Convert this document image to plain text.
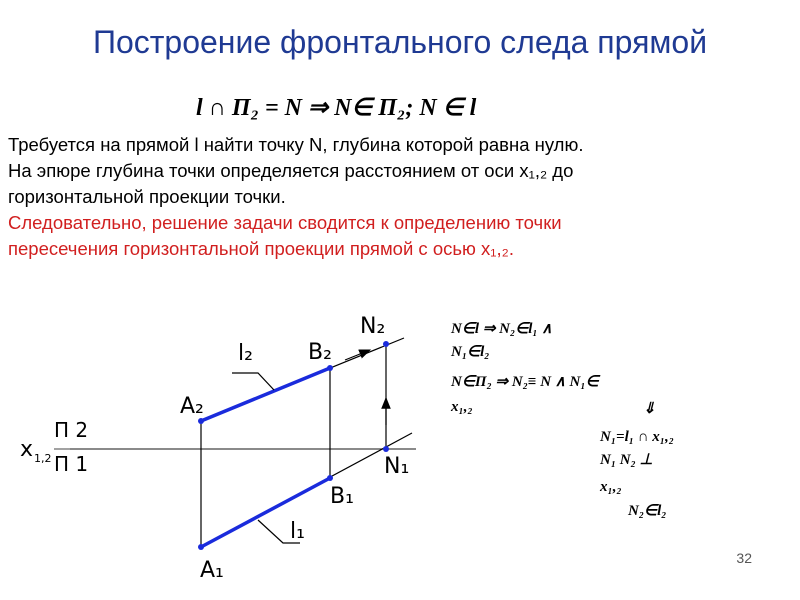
Построение фронтального следа прямой
l ∩ Π₂ = N ⇒ N∈ Π₂; N ∈ l

Требуется на прямой l найти точку N, глубина которой равна нулю.

На эпюре глубина точки определяется расстоянием от оси x₁,₂ до

горизонтальной проекции точки.

Следовательно, решение задачи сводится к определению точки

пересечения горизонтальной проекции прямой с осью x₁,₂.

x 1,2
Π 2
Π 1
l₂
l₁
A₂
B₂
A₁
B₁
N₂
N₁
N∈l ⇒ N₂∈l₁ ∧
N₁∈l₂
N∈Π₂ ⇒ N₂≡ N ∧ N₁∈
x₁,₂	⇓
N₁=l₁ ∩ x₁,₂
N₁ N₂ ⊥
x₁,₂
N₂∈l₂
32
